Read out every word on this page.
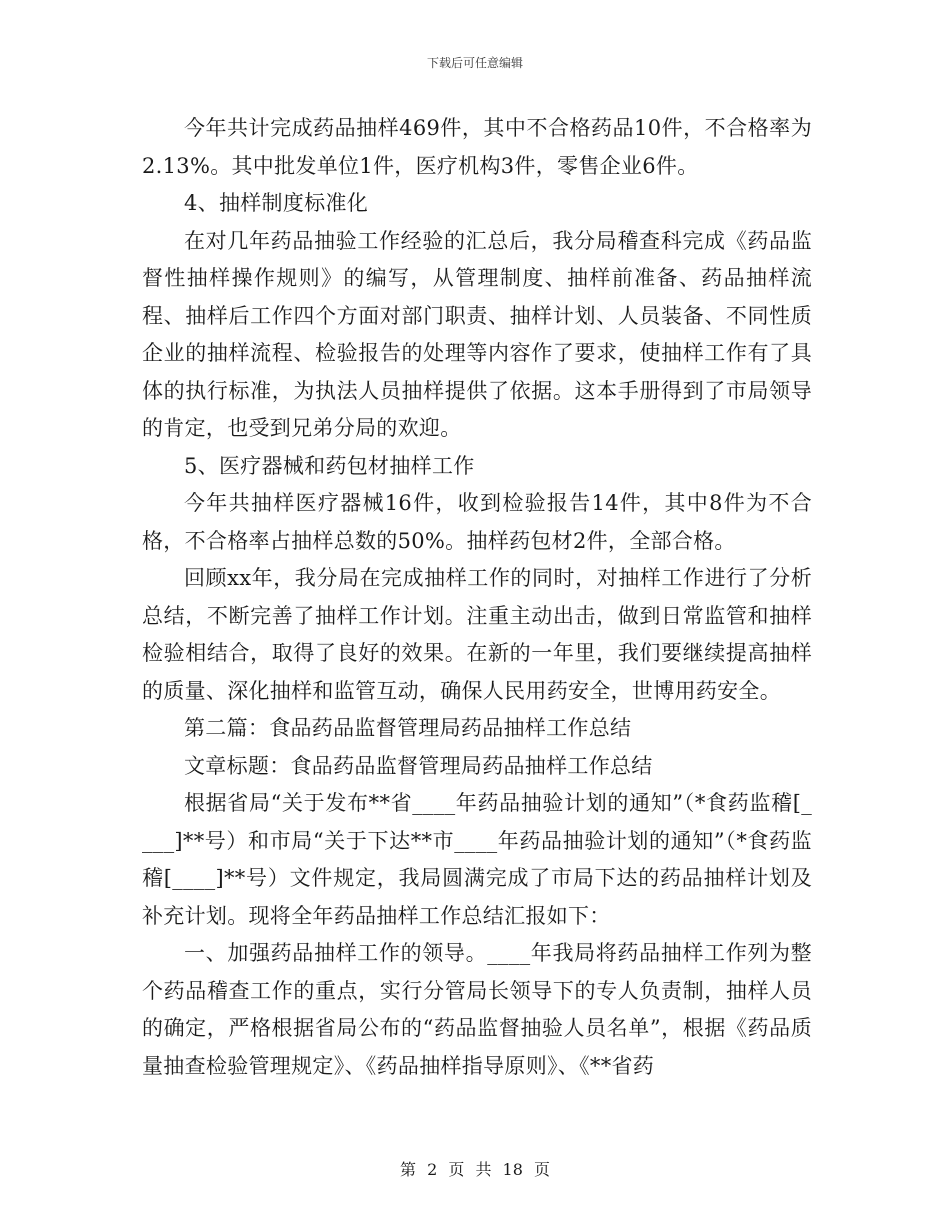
下载后可任意编辑

今年共计完成药品抽样469件，其中不合格药品10件，不合格率为2.13%。其中批发单位1件，医疗机构3件，零售企业6件。

4、抽样制度标准化

在对几年药品抽验工作经验的汇总后，我分局稽查科完成《药品监督性抽样操作规则》的编写，从管理制度、抽样前准备、药品抽样流程、抽样后工作四个方面对部门职责、抽样计划、人员装备、不同性质企业的抽样流程、检验报告的处理等内容作了要求，使抽样工作有了具体的执行标准，为执法人员抽样提供了依据。这本手册得到了市局领导的肯定，也受到兄弟分局的欢迎。

5、医疗器械和药包材抽样工作

今年共抽样医疗器械16件，收到检验报告14件，其中8件为不合格，不合格率占抽样总数的50%。抽样药包材2件，全部合格。

回顾xx年，我分局在完成抽样工作的同时，对抽样工作进行了分析总结，不断完善了抽样工作计划。注重主动出击，做到日常监管和抽样检验相结合，取得了良好的效果。在新的一年里，我们要继续提高抽样的质量、深化抽样和监管互动，确保人民用药安全，世博用药安全。

第二篇：食品药品监督管理局药品抽样工作总结

文章标题：食品药品监督管理局药品抽样工作总结

根据省局“关于发布**省____年药品抽验计划的通知”（*食药监稽[____]**号）和市局“关于下达**市____年药品抽验计划的通知”（*食药监稽[____]**号）文件规定，我局圆满完成了市局下达的药品抽样计划及补充计划。现将全年药品抽样工作总结汇报如下：

一、加强药品抽样工作的领导。____年我局将药品抽样工作列为整个药品稽查工作的重点，实行分管局长领导下的专人负责制，抽样人员的确定，严格根据省局公布的“药品监督抽验人员名单”，根据《药品质量抽查检验管理规定》、《药品抽样指导原则》、《**省药

第 2 页 共 18 页
